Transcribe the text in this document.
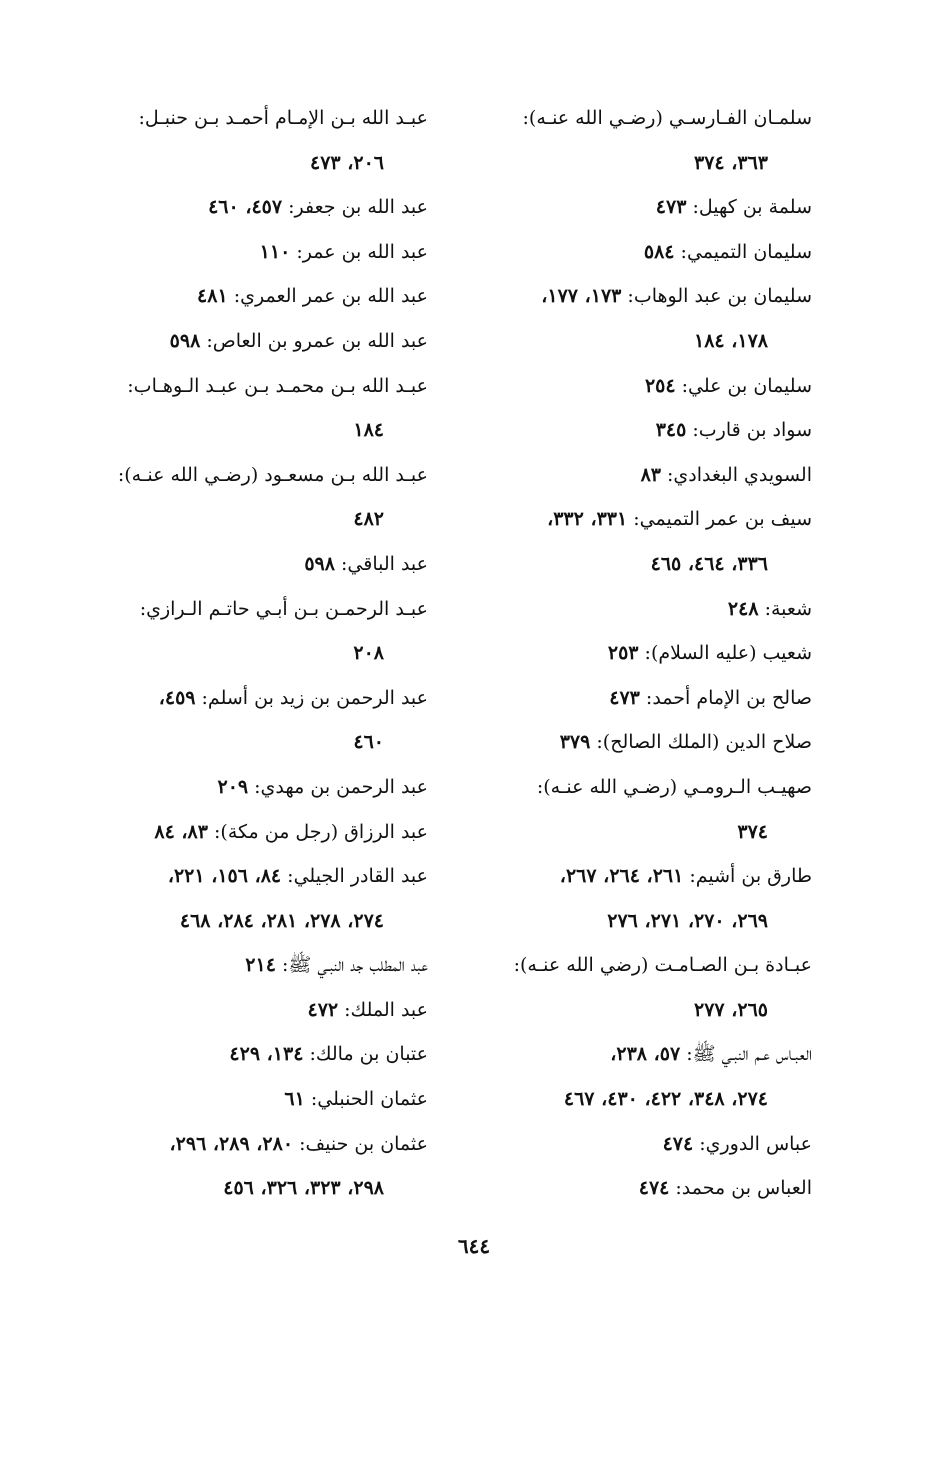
سلمـان الفـارسـي (رضـي الله عنـه):
٣٦٣، ٣٧٤

سلمة بن كهيل: ٤٧٣

سليمان التميمي: ٥٨٤

سليمان بن عبد الوهاب: ١٧٣، ١٧٧،
١٧٨، ١٨٤

سليمان بن علي: ٢٥٤

سواد بن قارب: ٣٤٥

السويدي البغدادي: ٨٣

سيف بن عمر التميمي: ٣٣١، ٣٣٢،
٣٣٦، ٤٦٤، ٤٦٥

شعبة: ٢٤٨

شعيب (عليه السلام): ٢٥٣

صالح بن الإمام أحمد: ٤٧٣

صلاح الدين (الملك الصالح): ٣٧٩

صهيـب الـرومـي (رضـي الله عنـه):
٣٧٤

طارق بن أشيم: ٢٦١، ٢٦٤، ٢٦٧،
٢٦٩، ٢٧٠، ٢٧١، ٢٧٦

عبـادة بـن الصـامـت (رضي الله عنـه):
٢٦٥، ٢٧٧

العبـاس عـم النبـي ﷺ: ٥٧، ٢٣٨،
٢٧٤، ٣٤٨، ٤٢٢، ٤٣٠، ٤٦٧

عباس الدوري: ٤٧٤

العباس بن محمد: ٤٧٤

عبـد الله بـن الإمـام أحمـد بـن حنبـل:
٢٠٦، ٤٧٣

عبد الله بن جعفر: ٤٥٧، ٤٦٠

عبد الله بن عمر: ١١٠

عبد الله بن عمر العمري: ٤٨١

عبد الله بن عمرو بن العاص: ٥٩٨

عبـد الله بـن محمـد بـن عبـد الـوهـاب:
١٨٤

عبـد الله بـن مسعـود (رضـي الله عنـه):
٤٨٢

عبد الباقي: ٥٩٨

عبـد الرحمـن بـن أبـي حاتـم الـرازي:
٢٠٨

عبد الرحمن بن زيد بن أسلم: ٤٥٩،
٤٦٠

عبد الرحمن بن مهدي: ٢٠٩

عبد الرزاق (رجل من مكة): ٨٣، ٨٤

عبد القادر الجيلي: ٨٤، ١٥٦، ٢٢١،
٢٧٤، ٢٧٨، ٢٨١، ٢٨٤، ٤٦٨

عبد المطلب جد النبـي ﷺ: ٢١٤

عبد الملك: ٤٧٢

عتبان بن مالك: ١٣٤، ٤٢٩

عثمان الحنبلي: ٦١

عثمان بن حنيف: ٢٨٠، ٢٨٩، ٢٩٦،
٢٩٨، ٣٢٣، ٣٢٦، ٤٥٦

٦٤٤
